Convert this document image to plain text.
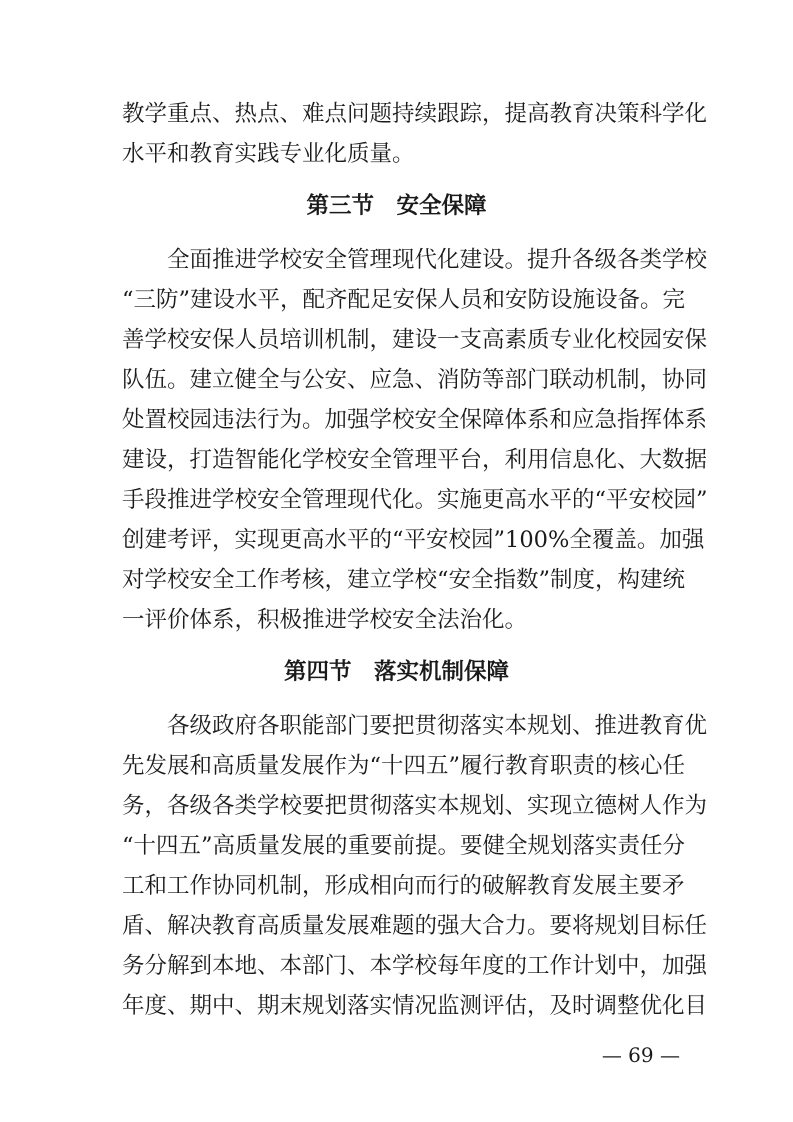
教学重点、热点、难点问题持续跟踪，提高教育决策科学化
水平和教育实践专业化质量。
第三节　安全保障
　　全面推进学校安全管理现代化建设。提升各级各类学校
“三防”建设水平，配齐配足安保人员和安防设施设备。完
善学校安保人员培训机制，建设一支高素质专业化校园安保
队伍。建立健全与公安、应急、消防等部门联动机制，协同
处置校园违法行为。加强学校安全保障体系和应急指挥体系
建设，打造智能化学校安全管理平台，利用信息化、大数据
手段推进学校安全管理现代化。实施更高水平的“平安校园”
创建考评，实现更高水平的“平安校园”100%全覆盖。加强
对学校安全工作考核，建立学校“安全指数”制度，构建统
一评价体系，积极推进学校安全法治化。
第四节　落实机制保障
　　各级政府各职能部门要把贯彻落实本规划、推进教育优
先发展和高质量发展作为“十四五”履行教育职责的核心任
务，各级各类学校要把贯彻落实本规划、实现立德树人作为
“十四五”高质量发展的重要前提。要健全规划落实责任分
工和工作协同机制，形成相向而行的破解教育发展主要矛
盾、解决教育高质量发展难题的强大合力。要将规划目标任
务分解到本地、本部门、本学校每年度的工作计划中，加强
年度、期中、期末规划落实情况监测评估，及时调整优化目
— 69 —
